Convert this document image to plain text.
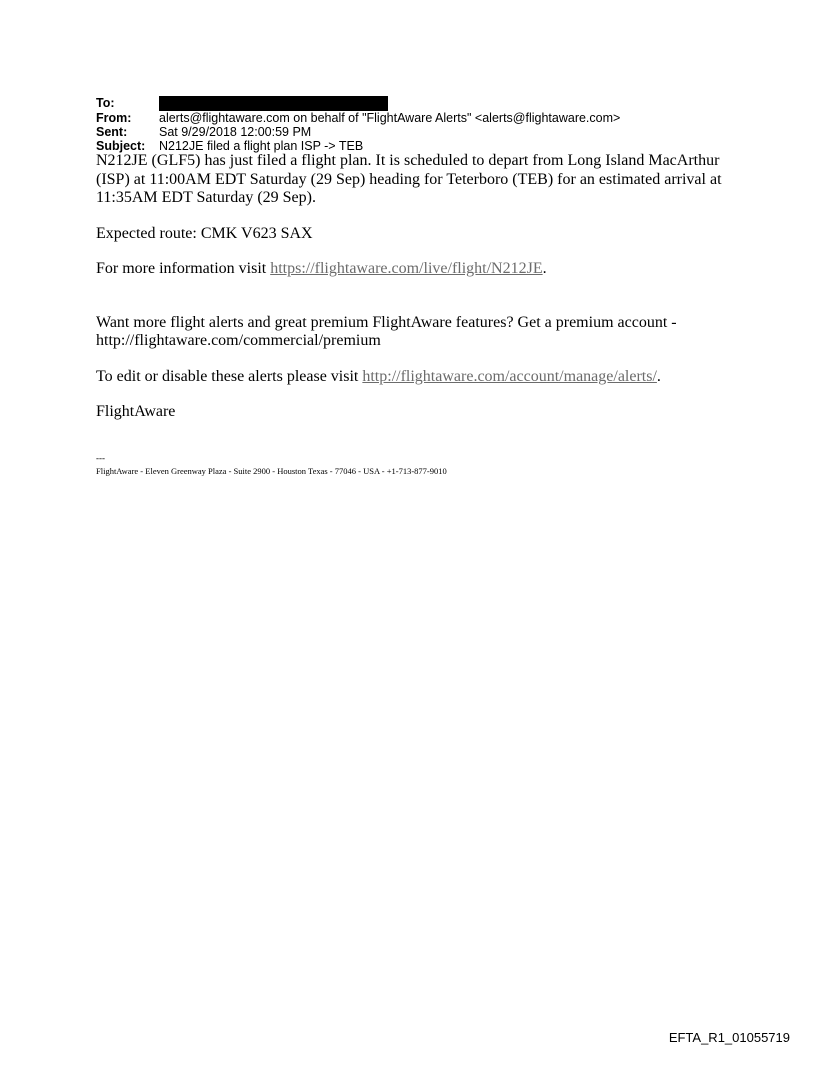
To:
From:	alerts@flightaware.com on behalf of "FlightAware Alerts" <alerts@flightaware.com>
Sent:	Sat 9/29/2018 12:00:59 PM
Subject:	N212JE filed a flight plan ISP -> TEB

N212JE (GLF5) has just filed a flight plan. It is scheduled to depart from Long Island MacArthur (ISP) at 11:00AM EDT Saturday (29 Sep) heading for Teterboro (TEB) for an estimated arrival at 11:35AM EDT Saturday (29 Sep).

Expected route: CMK V623 SAX

For more information visit https://flightaware.com/live/flight/N212JE.

Want more flight alerts and great premium FlightAware features? Get a premium account - http://flightaware.com/commercial/premium

To edit or disable these alerts please visit http://flightaware.com/account/manage/alerts/.

FlightAware

---
FlightAware - Eleven Greenway Plaza - Suite 2900 - Houston Texas - 77046 - USA - +1-713-877-9010
EFTA_R1_01055719
